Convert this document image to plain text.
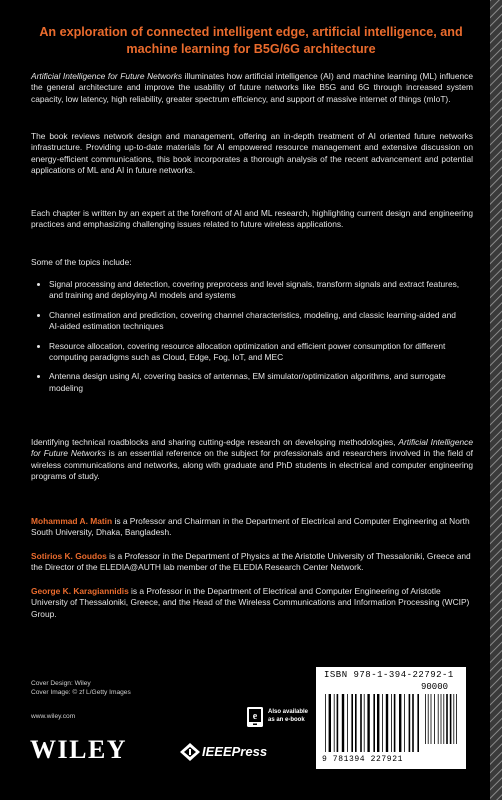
An exploration of connected intelligent edge, artificial intelligence, and machine learning for B5G/6G architecture
Artificial Intelligence for Future Networks illuminates how artificial intelligence (AI) and machine learning (ML) influence the general architecture and improve the usability of future networks like B5G and 6G through increased system capacity, low latency, high reliability, greater spectrum efficiency, and support of massive internet of things (mIoT).
The book reviews network design and management, offering an in-depth treatment of AI oriented future networks infrastructure. Providing up-to-date materials for AI empowered resource management and extensive discussion on energy-efficient communications, this book incorporates a thorough analysis of the recent advancement and potential applications of ML and AI in future networks.
Each chapter is written by an expert at the forefront of AI and ML research, highlighting current design and engineering practices and emphasizing challenging issues related to future wireless applications.
Some of the topics include:
• Signal processing and detection, covering preprocess and level signals, transform signals and extract features, and training and deploying AI models and systems
• Channel estimation and prediction, covering channel characteristics, modeling, and classic learning-aided and AI-aided estimation techniques
• Resource allocation, covering resource allocation optimization and efficient power consumption for different computing paradigms such as Cloud, Edge, Fog, IoT, and MEC
• Antenna design using AI, covering basics of antennas, EM simulator/optimization algorithms, and surrogate modeling
Identifying technical roadblocks and sharing cutting-edge research on developing methodologies, Artificial Intelligence for Future Networks is an essential reference on the subject for professionals and researchers involved in the field of wireless communications and networks, along with graduate and PhD students in electrical and computer engineering programs of study.
Mohammad A. Matin is a Professor and Chairman in the Department of Electrical and Computer Engineering at North South University, Dhaka, Bangladesh.
Sotirios K. Goudos is a Professor in the Department of Physics at the Aristotle University of Thessaloniki, Greece and the Director of the ELEDIA@AUTH lab member of the ELEDIA Research Center Network.
George K. Karagiannidis is a Professor in the Department of Electrical and Computer Engineering of Aristotle University of Thessaloniki, Greece, and the Head of the Wireless Communications and Information Processing (WCIP) Group.
Cover Design: Wiley
Cover Image: © zf L/Getty Images
www.wiley.com	e Also available
as an e-book
WILEY	IEEEPress
ISBN 978-1-394-22792-1
90000
9 781394 227921
